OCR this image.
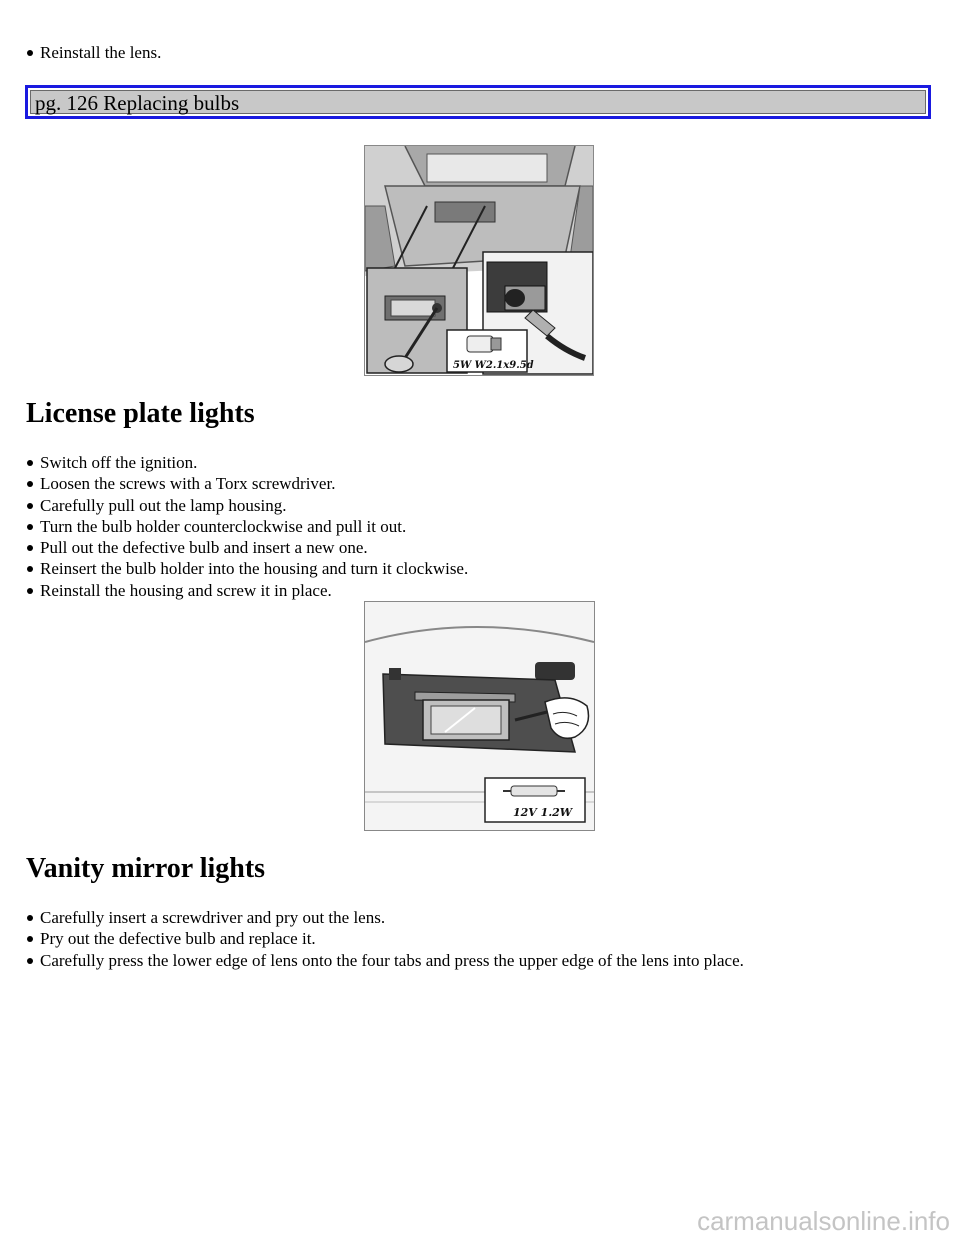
Reinstall the lens.
pg. 126 Replacing bulbs
5W W2.1x9.5d
License plate lights
Switch off the ignition.
Loosen the screws with a Torx screwdriver.
Carefully pull out the lamp housing.
Turn the bulb holder counterclockwise and pull it out.
Pull out the defective bulb and insert a new one.
Reinsert the bulb holder into the housing and turn it clockwise.
Reinstall the housing and screw it in place.
12V 1.2W
Vanity mirror lights
Carefully insert a screwdriver and pry out the lens.
Pry out the defective bulb and replace it.
Carefully press the lower edge of lens onto the four tabs and press the upper edge of the lens into place.
carmanualsonline.info
